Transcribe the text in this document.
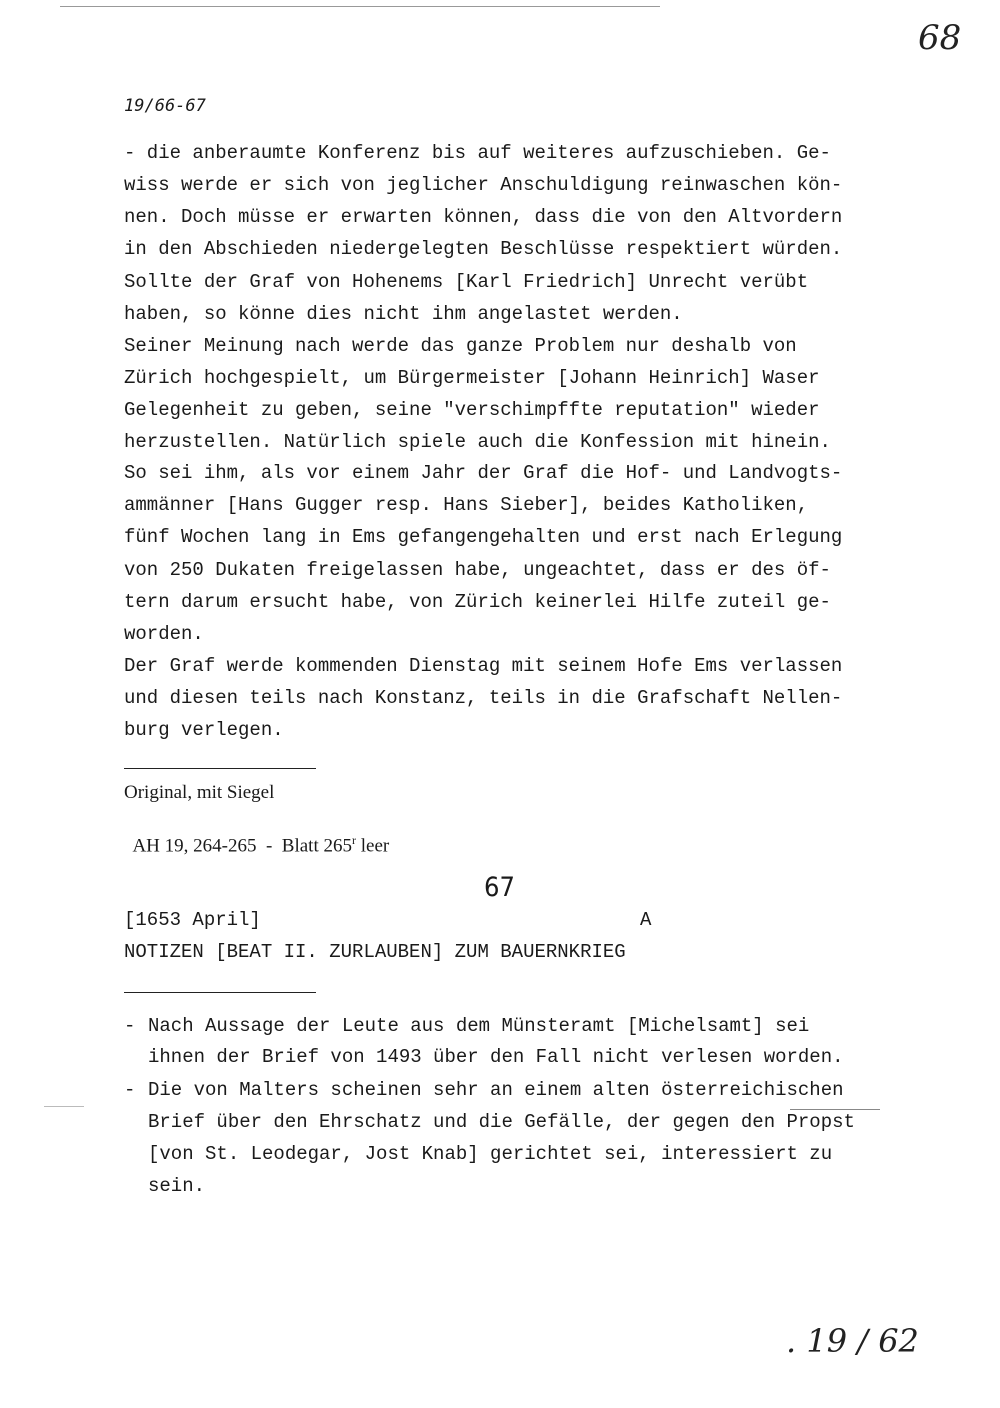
68
19/66-67
- die anberaumte Konferenz bis auf weiteres aufzuschieben. Ge-
wiss werde er sich von jeglicher Anschuldigung reinwaschen kön-
nen. Doch müsse er erwarten können, dass die von den Altvordern
in den Abschieden niedergelegten Beschlüsse respektiert würden.
Sollte der Graf von Hohenems [Karl Friedrich] Unrecht verübt
haben, so könne dies nicht ihm angelastet werden.
Seiner Meinung nach werde das ganze Problem nur deshalb von
Zürich hochgespielt, um Bürgermeister [Johann Heinrich] Waser
Gelegenheit zu geben, seine "verschimpffte reputation" wieder
herzustellen. Natürlich spiele auch die Konfession mit hinein.
So sei ihm, als vor einem Jahr der Graf die Hof- und Landvogts-
ammänner [Hans Gugger resp. Hans Sieber], beides Katholiken,
fünf Wochen lang in Ems gefangengehalten und erst nach Erlegung
von 250 Dukaten freigelassen habe, ungeachtet, dass er des öf-
tern darum ersucht habe, von Zürich keinerlei Hilfe zuteil ge-
worden.
Der Graf werde kommenden Dienstag mit seinem Hofe Ems verlassen
und diesen teils nach Konstanz, teils in die Grafschaft Nellen-
burg verlegen.
Original, mit Siegel

AH 19, 264-265  -  Blatt 265$^r$ leer

67
[1653 April]	A
NOTIZEN [BEAT II. ZURLAUBEN] ZUM BAUERNKRIEG
- Nach Aussage der Leute aus dem Münsteramt [Michelsamt] sei
ihnen der Brief von 1493 über den Fall nicht verlesen worden.
- Die von Malters scheinen sehr an einem alten österreichischen
Brief über den Ehrschatz und die Gefälle, der gegen den Propst
[von St. Leodegar, Jost Knab] gerichtet sei, interessiert zu
sein.
. 19 / 62
